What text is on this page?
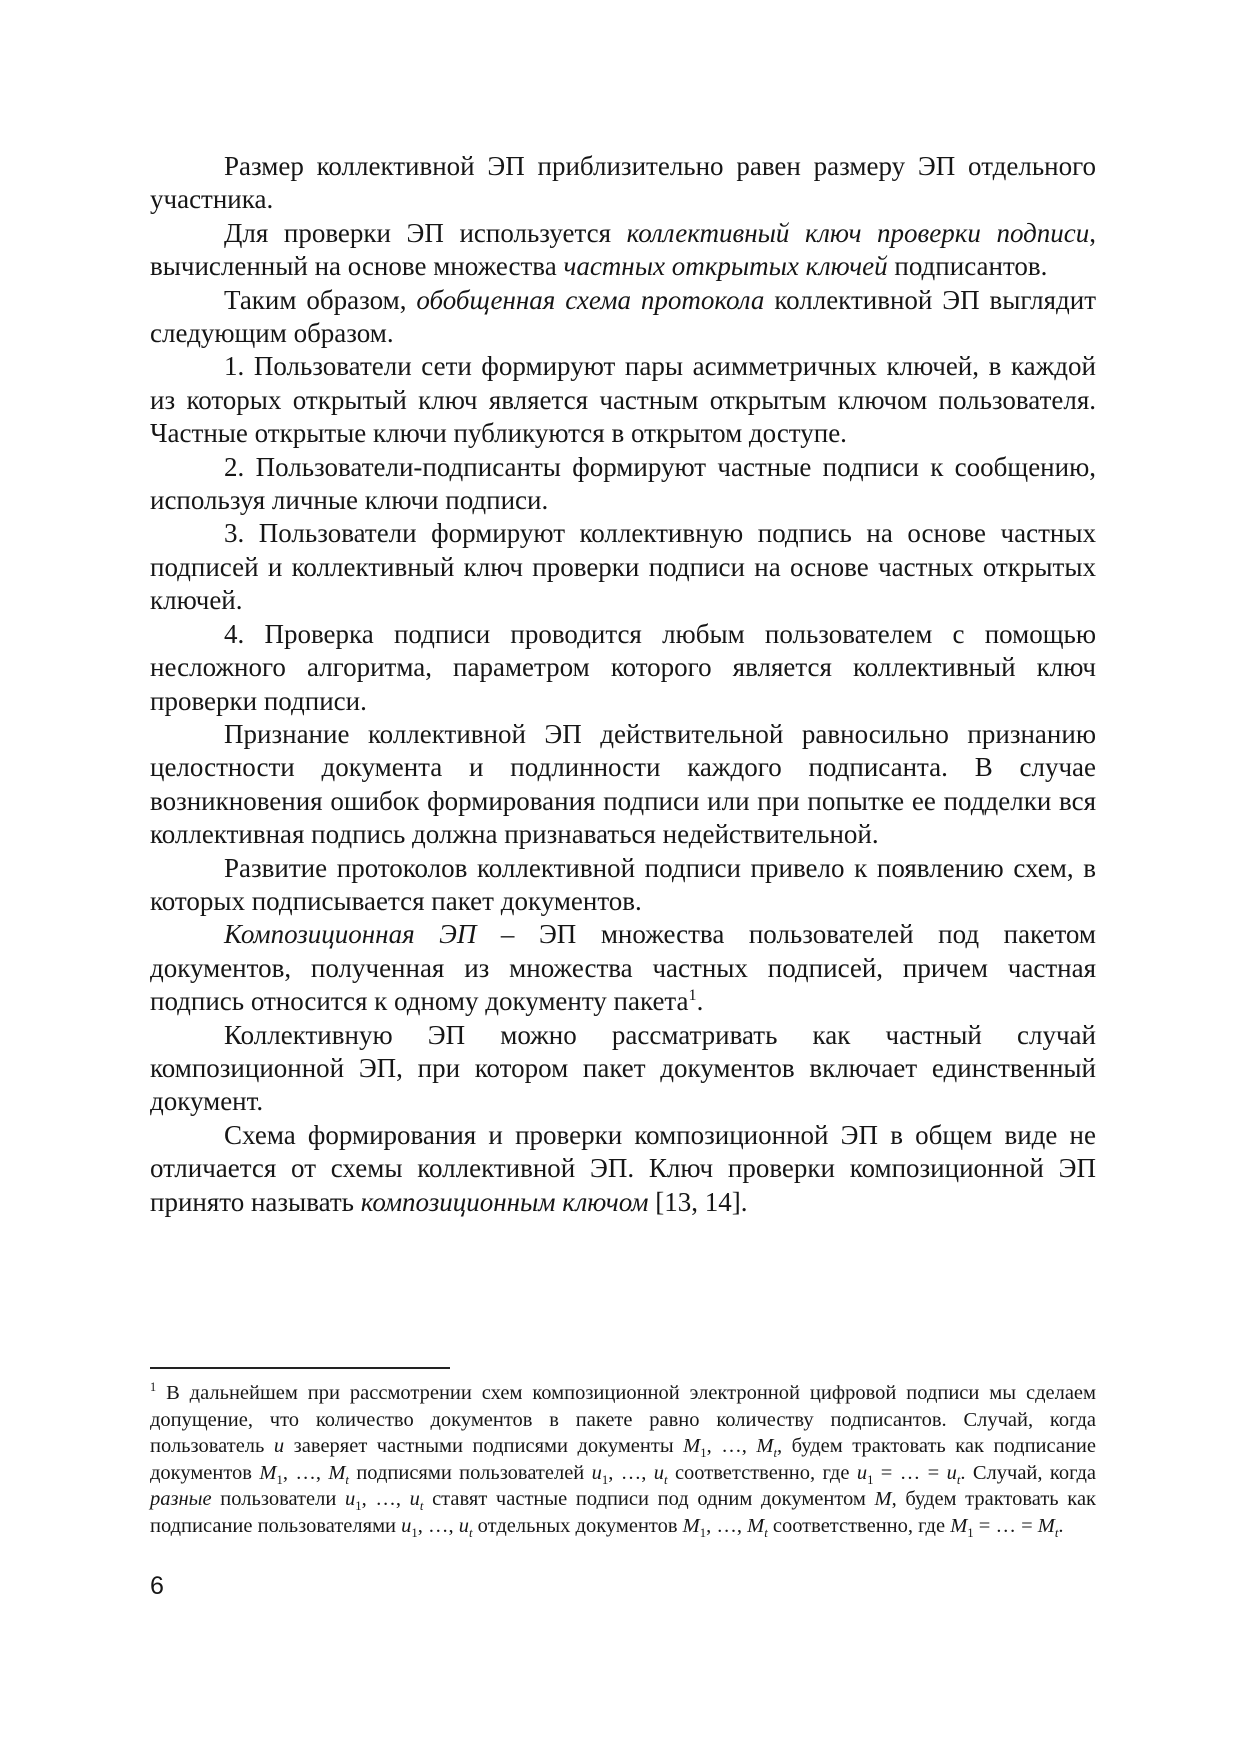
Размер коллективной ЭП приблизительно равен размеру ЭП отдельного участника.

Для проверки ЭП используется коллективный ключ проверки подписи, вычисленный на основе множества частных открытых ключей подписантов.

Таким образом, обобщенная схема протокола коллективной ЭП выглядит следующим образом.

1. Пользователи сети формируют пары асимметричных ключей, в каждой из которых открытый ключ является частным открытым ключом пользователя. Частные открытые ключи публикуются в открытом доступе.

2. Пользователи-подписанты формируют частные подписи к сообщению, используя личные ключи подписи.

3. Пользователи формируют коллективную подпись на основе частных подписей и коллективный ключ проверки подписи на основе частных открытых ключей.

4. Проверка подписи проводится любым пользователем с помощью несложного алгоритма, параметром которого является коллективный ключ проверки подписи.

Признание коллективной ЭП действительной равносильно признанию целостности документа и подлинности каждого подписанта. В случае возникновения ошибок формирования подписи или при попытке ее подделки вся коллективная подпись должна признаваться недействительной.

Развитие протоколов коллективной подписи привело к появлению схем, в которых подписывается пакет документов.

Композиционная ЭП – ЭП множества пользователей под пакетом документов, полученная из множества частных подписей, причем частная подпись относится к одному документу пакета$^1$.

Коллективную ЭП можно рассматривать как частный случай композиционной ЭП, при котором пакет документов включает единственный документ.

Схема формирования и проверки композиционной ЭП в общем виде не отличается от схемы коллективной ЭП. Ключ проверки композиционной ЭП принято называть композиционным ключом [13, 14].

$^1$ В дальнейшем при рассмотрении схем композиционной электронной цифровой подписи мы сделаем допущение, что количество документов в пакете равно количеству подписантов. Случай, когда пользователь u заверяет частными подписями документы $M_1$, …, $M_t$, будем трактовать как подписание документов $M_1$, …, $M_t$ подписями пользователей $u_1$, …, $u_t$ соответственно, где $u_1$ = … = $u_t$. Случай, когда разные пользователи $u_1$, …, $u_t$ ставят частные подписи под одним документом M, будем трактовать как подписание пользователями $u_1$, …, $u_t$ отдельных документов $M_1$, …, $M_t$ соответственно, где $M_1$ = … = $M_t$.

6
